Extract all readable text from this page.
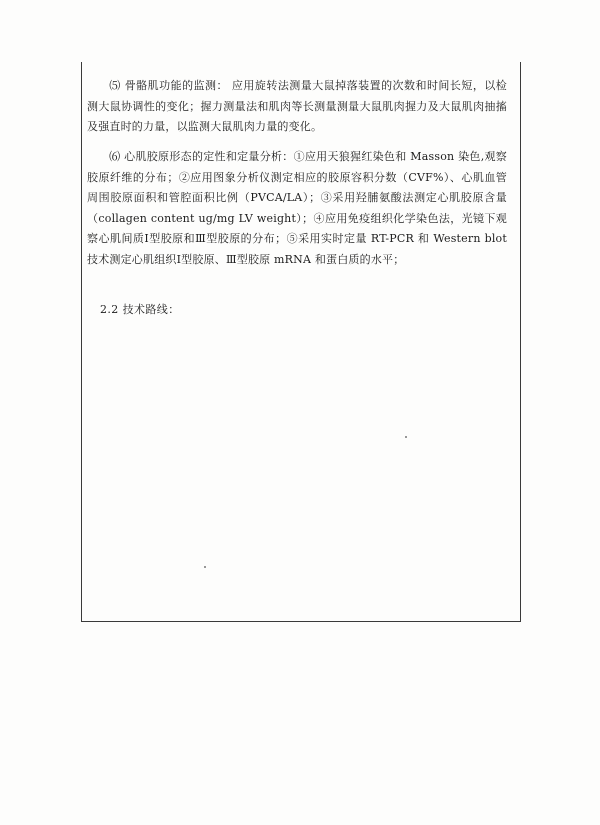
⑸ 骨骼肌功能的监测： 应用旋转法测量大鼠掉落装置的次数和时间长短，以检测大鼠协调性的变化；握力测量法和肌肉等长测量测量大鼠肌肉握力及大鼠肌肉抽搐及强直时的力量，以监测大鼠肌肉力量的变化。

⑹ 心肌胶原形态的定性和定量分析：①应用天狼猩红染色和 Masson 染色,观察胶原纤维的分布；②应用图象分析仪测定相应的胶原容积分数（CVF%）、心肌血管周围胶原面积和管腔面积比例（PVCA/LA）；③采用羟脯氨酸法测定心肌胶原含量（collagen content ug/mg LV weight）；④应用免疫组织化学染色法，光镜下观察心肌间质Ⅰ型胶原和Ⅲ型胶原的分布；⑤采用实时定量 RT-PCR 和 Western blot 技术测定心肌组织Ⅰ型胶原、Ⅲ型胶原 mRNA 和蛋白质的水平；

2.2 技术路线：
